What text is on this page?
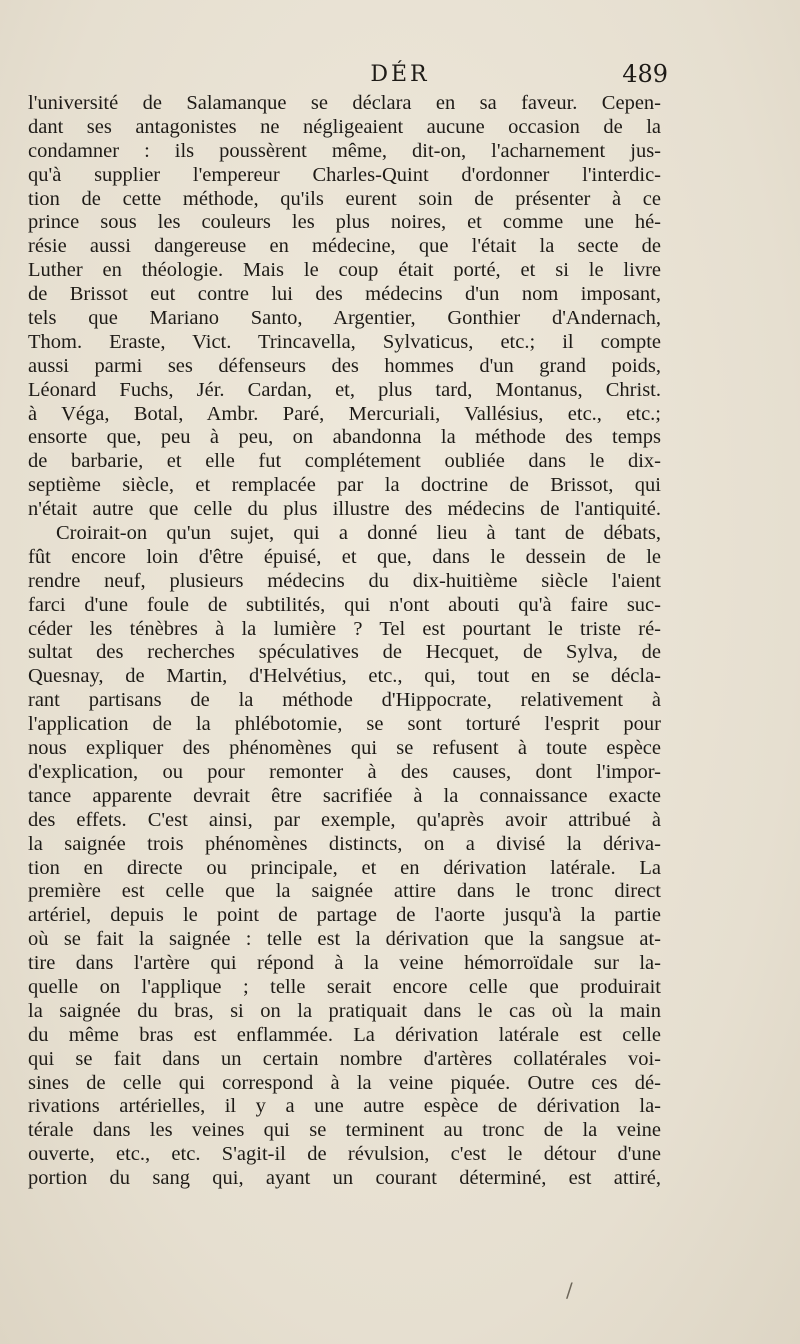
DÉR	489
l'université de Salamanque se déclara en sa faveur. Cepen-
dant ses antagonistes ne négligeaient aucune occasion de la
condamner : ils poussèrent même, dit-on, l'acharnement jus-
qu'à supplier l'empereur Charles-Quint d'ordonner l'interdic-
tion de cette méthode, qu'ils eurent soin de présenter à ce
prince sous les couleurs les plus noires, et comme une hé-
résie aussi dangereuse en médecine, que l'était la secte de
Luther en théologie. Mais le coup était porté, et si le livre
de Brissot eut contre lui des médecins d'un nom imposant,
tels que Mariano Santo, Argentier, Gonthier d'Andernach,
Thom. Eraste, Vict. Trincavella, Sylvaticus, etc.; il compte
aussi parmi ses défenseurs des hommes d'un grand poids,
Léonard Fuchs, Jér. Cardan, et, plus tard, Montanus, Christ.
à Véga, Botal, Ambr. Paré, Mercuriali, Vallésius, etc., etc.;
ensorte que, peu à peu, on abandonna la méthode des temps
de barbarie, et elle fut complétement oubliée dans le dix-
septième siècle, et remplacée par la doctrine de Brissot, qui
n'était autre que celle du plus illustre des médecins de l'antiquité.
Croirait-on qu'un sujet, qui a donné lieu à tant de débats,
fût encore loin d'être épuisé, et que, dans le dessein de le
rendre neuf, plusieurs médecins du dix-huitième siècle l'aient
farci d'une foule de subtilités, qui n'ont abouti qu'à faire suc-
céder les ténèbres à la lumière ? Tel est pourtant le triste ré-
sultat des recherches spéculatives de Hecquet, de Sylva, de
Quesnay, de Martin, d'Helvétius, etc., qui, tout en se décla-
rant partisans de la méthode d'Hippocrate, relativement à
l'application de la phlébotomie, se sont torturé l'esprit pour
nous expliquer des phénomènes qui se refusent à toute espèce
d'explication, ou pour remonter à des causes, dont l'impor-
tance apparente devrait être sacrifiée à la connaissance exacte
des effets. C'est ainsi, par exemple, qu'après avoir attribué à
la saignée trois phénomènes distincts, on a divisé la dériva-
tion en directe ou principale, et en dérivation latérale. La
première est celle que la saignée attire dans le tronc direct
artériel, depuis le point de partage de l'aorte jusqu'à la partie
où se fait la saignée : telle est la dérivation que la sangsue at-
tire dans l'artère qui répond à la veine hémorroïdale sur la-
quelle on l'applique ; telle serait encore celle que produirait
la saignée du bras, si on la pratiquait dans le cas où la main
du même bras est enflammée. La dérivation latérale est celle
qui se fait dans un certain nombre d'artères collatérales voi-
sines de celle qui correspond à la veine piquée. Outre ces dé-
rivations artérielles, il y a une autre espèce de dérivation la-
térale dans les veines qui se terminent au tronc de la veine
ouverte, etc., etc. S'agit-il de révulsion, c'est le détour d'une
portion du sang qui, ayant un courant déterminé, est attiré,
/
